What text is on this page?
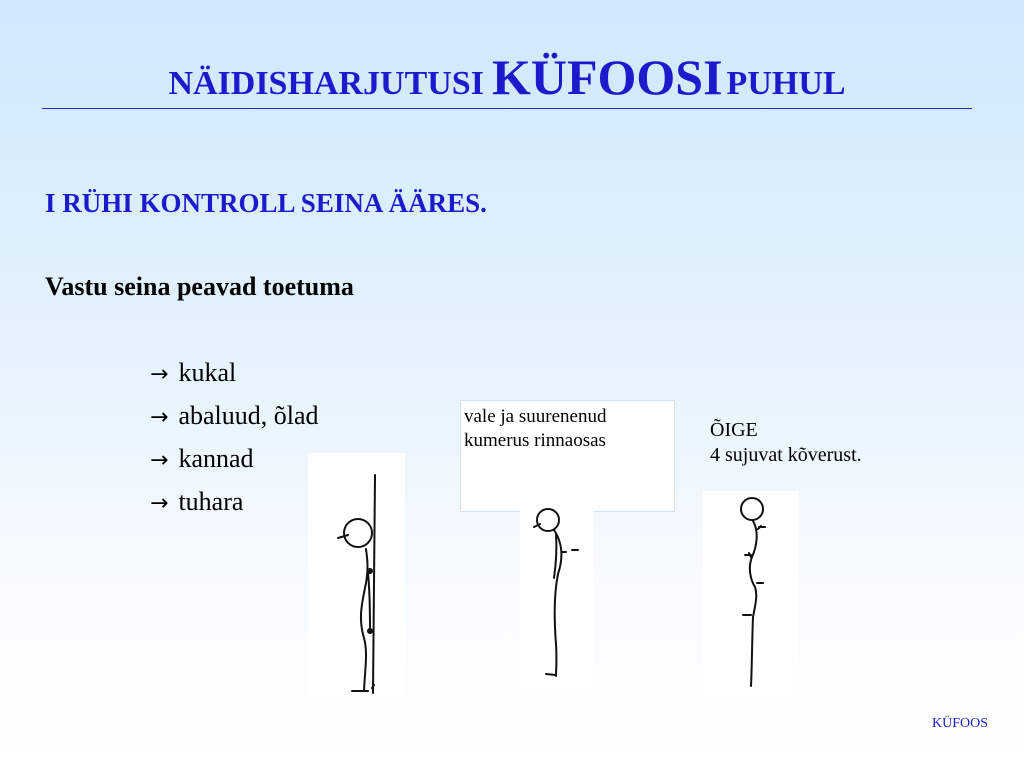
NÄIDISHARJUTUSI KÜFOOSI PUHUL
I RÜHI KONTROLL SEINA ÄÄRES.
Vastu seina peavad toetuma
→ kukal
→ abaluud, õlad
→ kannad
→ tuhara
vale ja suurenenud
kumerus rinnaosas	ÕIGE
4 sujuvat kõverust.
KÜFOOS
